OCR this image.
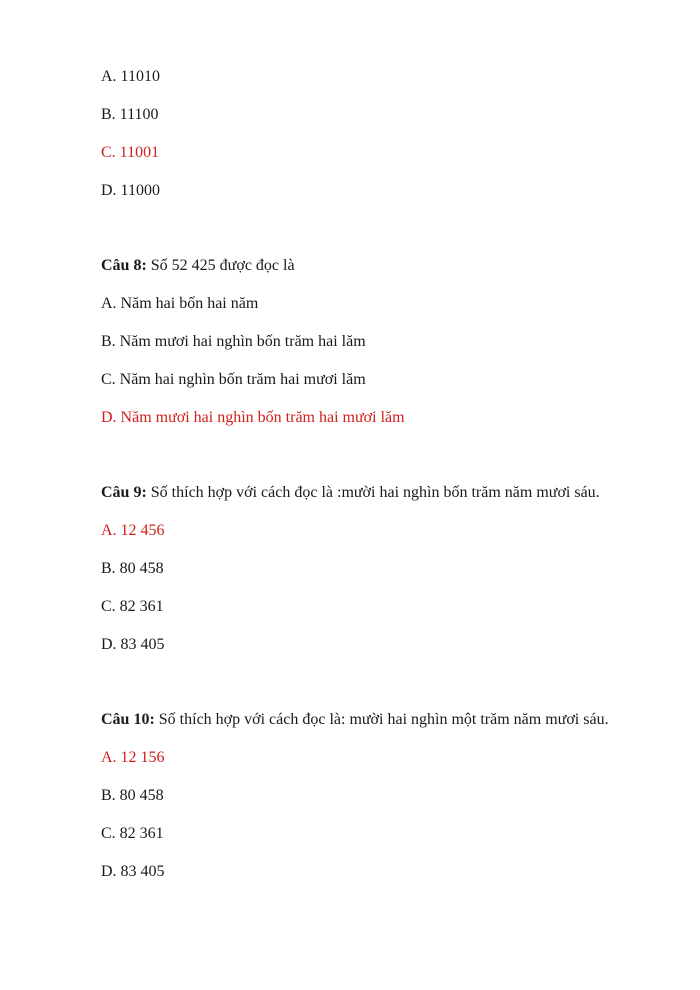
A. 11010
B. 11100
C. 11001
D. 11000
Câu 8: Số 52 425 được đọc là
A. Năm hai bốn hai năm
B. Năm mươi hai nghìn bốn trăm hai lăm
C. Năm hai nghìn bốn trăm hai mươi lăm
D. Năm mươi hai nghìn bốn trăm hai mươi lăm
Câu 9: Số thích hợp với cách đọc là :mười hai nghìn bốn trăm năm mươi sáu.
A. 12 456
B. 80 458
C. 82 361
D. 83 405
Câu 10: Số thích hợp với cách đọc là: mười hai nghìn một trăm năm mươi sáu.
A. 12 156
B. 80 458
C. 82 361
D. 83 405
